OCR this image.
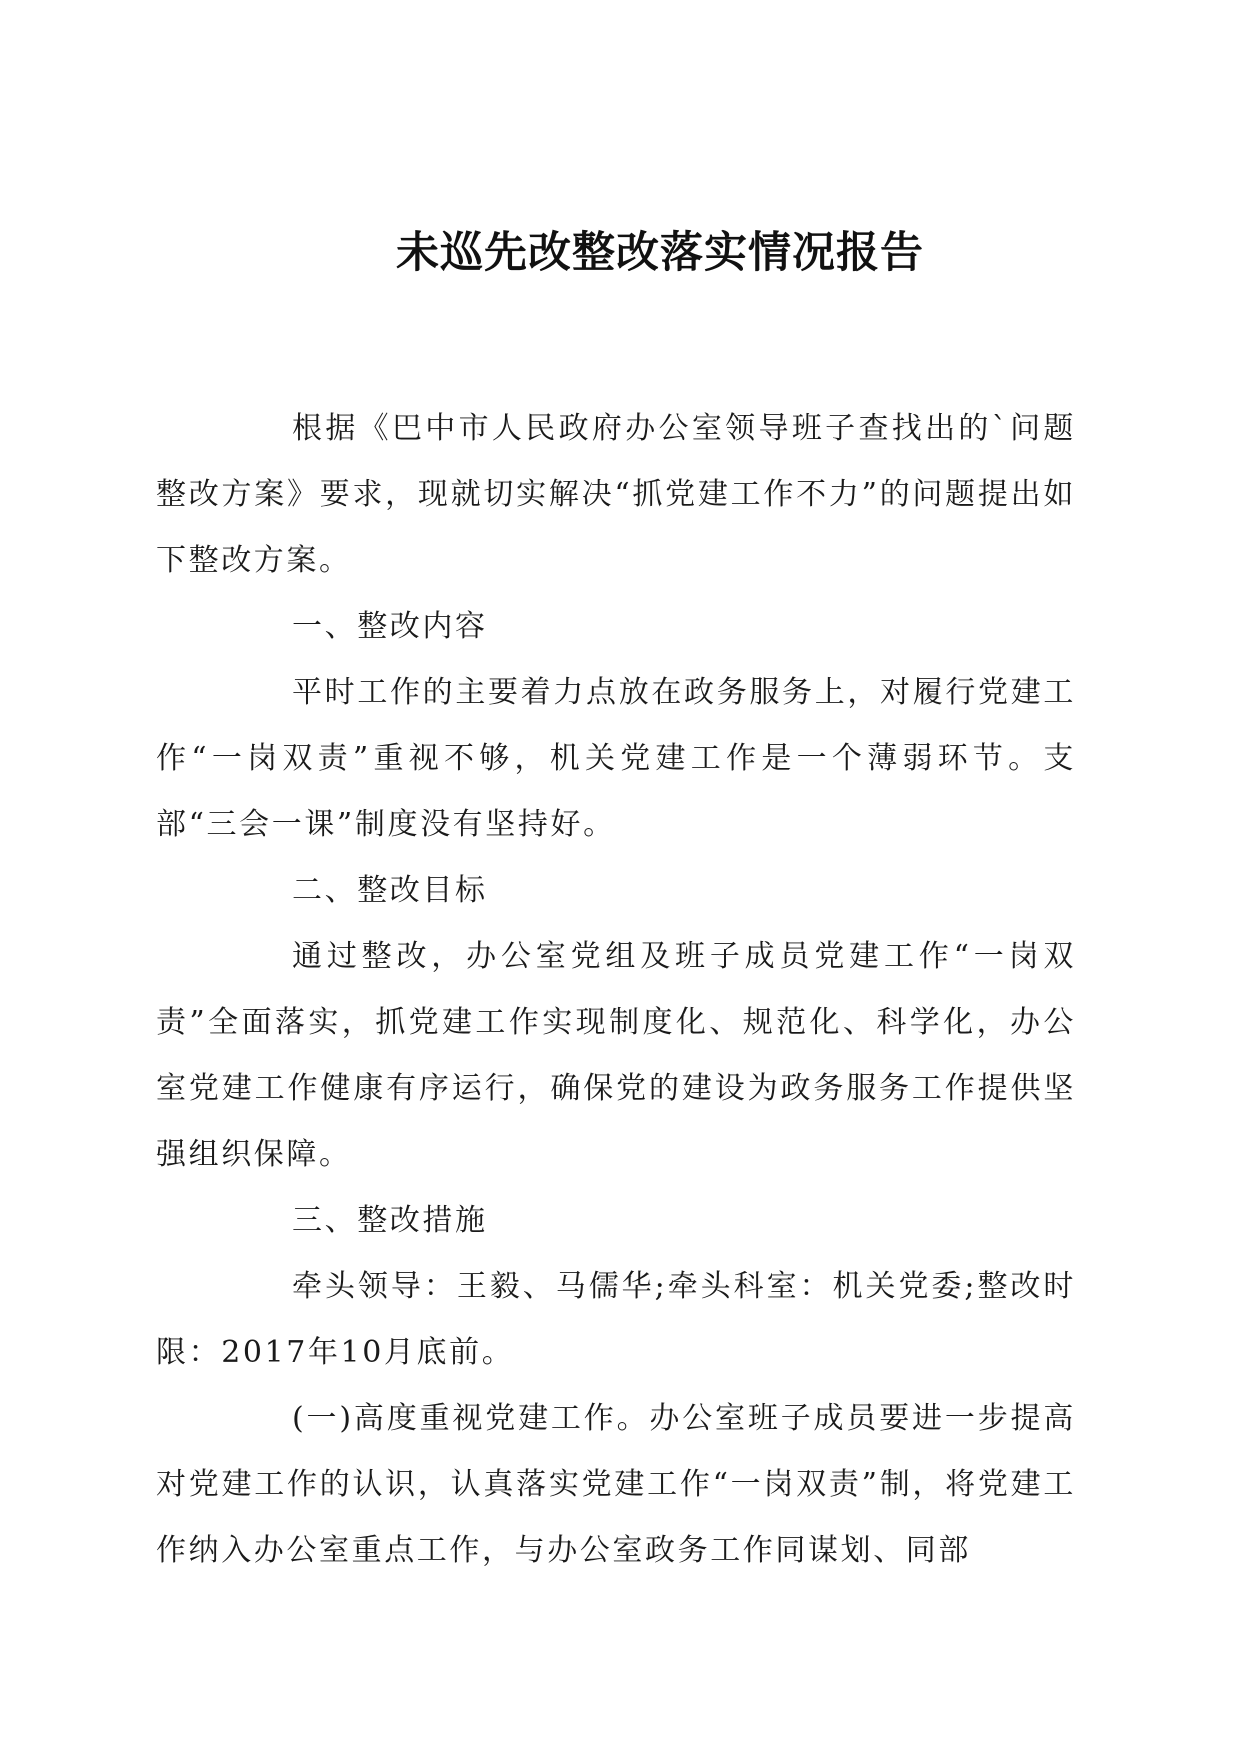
未巡先改整改落实情况报告

根据《巴中市人民政府办公室领导班子查找出的`问题整改方案》要求，现就切实解决“抓党建工作不力”的问题提出如下整改方案。

一、整改内容

平时工作的主要着力点放在政务服务上，对履行党建工作“一岗双责”重视不够，机关党建工作是一个薄弱环节。支部“三会一课”制度没有坚持好。

二、整改目标

通过整改，办公室党组及班子成员党建工作“一岗双责”全面落实，抓党建工作实现制度化、规范化、科学化，办公室党建工作健康有序运行，确保党的建设为政务服务工作提供坚强组织保障。

三、整改措施

牵头领导：王毅、马儒华;牵头科室：机关党委;整改时限：2017年10月底前。

(一)高度重视党建工作。办公室班子成员要进一步提高对党建工作的认识，认真落实党建工作“一岗双责”制，将党建工作纳入办公室重点工作，与办公室政务工作同谋划、同部
